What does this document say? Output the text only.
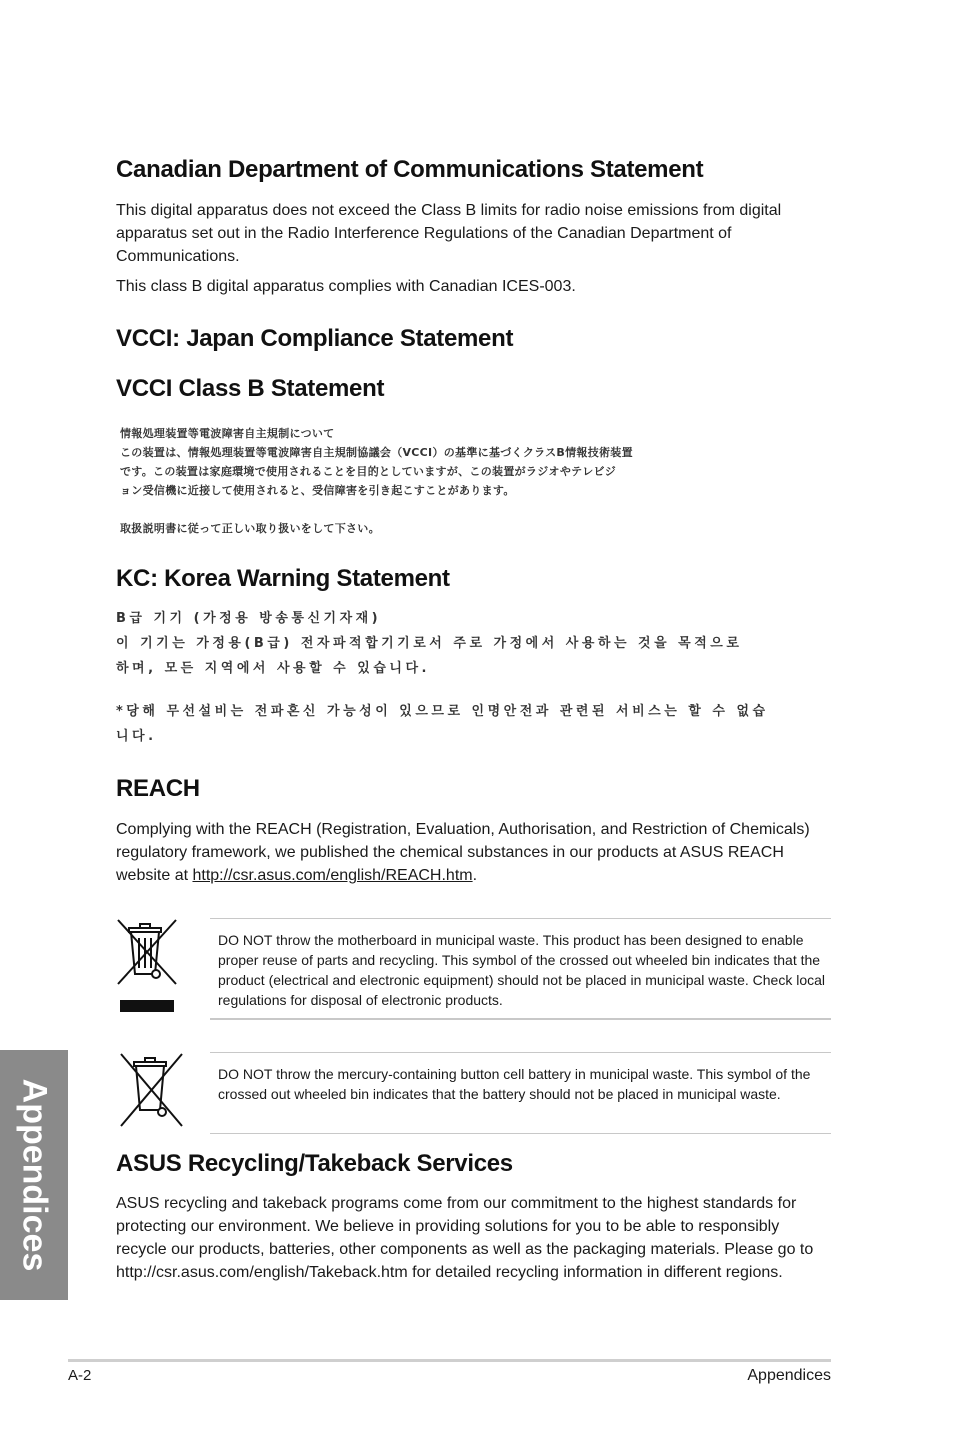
Canadian Department of Communications Statement

This digital apparatus does not exceed the Class B limits for radio noise emissions from digital apparatus set out in the Radio Interference Regulations of the Canadian Department of Communications.

This class B digital apparatus complies with Canadian ICES-003.

VCCI: Japan Compliance Statement
VCCI Class B Statement
情報処理装置等電波障害自主規制について
この装置は、情報処理装置等電波障害自主規制協議会（VCCI）の基準に基づくクラスB情報技術装置
です。この装置は家庭環境で使用されることを目的としていますが、この装置がラジオやテレビジ
ョン受信機に近接して使用されると、受信障害を引き起こすことがあります。
取扱説明書に従って正しい取り扱いをして下さい。
KC: Korea Warning Statement
B급 기기 (가정용 방송통신기자재)
이 기기는 가정용(B급) 전자파적합기기로서 주로 가정에서 사용하는 것을 목적으로
하며, 모든 지역에서 사용할 수 있습니다.
*당해 무선설비는 전파혼신 가능성이 있으므로 인명안전과 관련된 서비스는 할 수 없습
니다.
REACH

Complying with the REACH (Registration, Evaluation, Authorisation, and Restriction of Chemicals) regulatory framework, we published the chemical substances in our products at ASUS REACH website at http://csr.asus.com/english/REACH.htm.

DO NOT throw the motherboard in municipal waste. This product has been designed to enable proper reuse of parts and recycling. This symbol of the crossed out wheeled bin indicates that the product (electrical and electronic equipment) should not be placed in municipal waste. Check local regulations for disposal of electronic products.
DO NOT throw the mercury-containing button cell battery in municipal waste. This symbol of the crossed out wheeled bin indicates that the battery should not be placed in municipal waste.
ASUS Recycling/Takeback Services

ASUS recycling and takeback programs come from our commitment to the highest standards for protecting our environment. We believe in providing solutions for you to be able to responsibly recycle our products, batteries, other components as well as the packaging materials. Please go to http://csr.asus.com/english/Takeback.htm for detailed recycling information in different regions.

Appendices
A-2	Appendices
